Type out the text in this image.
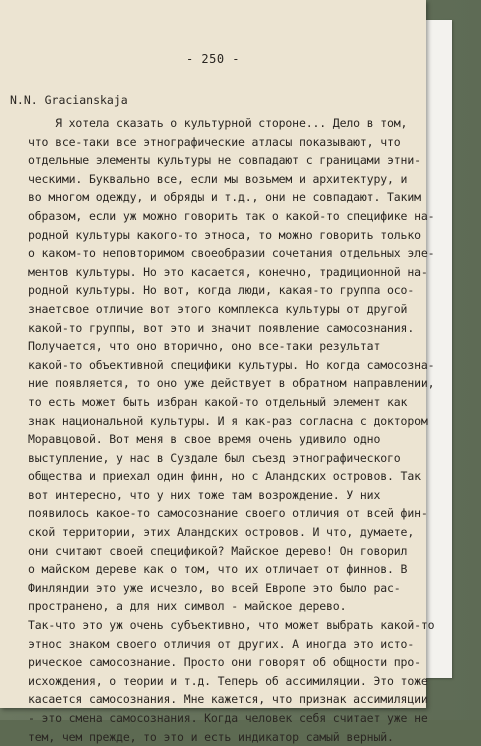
- 250 -
N.N. Gracianskaja
Я хотела сказать о культурной стороне... Дело в том,
что все-таки все этнографические атласы показывают, что
отдельные элементы культуры не совпадают с границами этни-
ческими. Буквально все, если мы возьмем и архитектуру, и
во многом одежду, и обряды и т.д., они не совпадают. Таким
образом, если уж можно говорить так о какой-то специфике на-
родной культуры какого-то этноса, то можно говорить только
о каком-то неповторимом своеобразии сочетания отдельных эле-
ментов культуры. Но это касается, конечно, традиционной на-
родной культуры. Но вот, когда люди, какая-то группа осо-
знаетсвое отличие вот этого комплекса культуры от другой
какой-то группы, вот это и значит появление самосознания.
Получается, что оно вторично, оно все-таки результат
какой-то объективной специфики культуры. Но когда самосозна-
ние появляется, то оно уже действует в обратном направлении,
то есть может быть избран какой-то отдельный элемент как
знак национальной культуры. И я как-раз согласна с доктором
Моравцовой. Вот меня в свое время очень удивило одно
выступление, у нас в Суздале был съезд этнографического
общества и приехал один финн, но с Аландских островов. Так
вот интересно, что у них тоже там возрождение. У них
появилось какое-то самосознание своего отличия от всей фин-
ской территории, этих Аландских островов. И что, думаете,
они считают своей спецификой? Майское дерево! Он говорил
о майском дереве как о том, что их отличает от финнов. В
Финляндии это уже исчезло, во всей Европе это было рас-
пространено, а для них символ - майское дерево.
Так-что это уж очень субъективно, что может выбрать какой-то
этнос знаком своего отличия от других. А иногда это исто-
рическое самосознание. Просто они говорят об общности про-
исхождения, о теории и т.д. Теперь об ассимиляции. Это тоже
касается самосознания. Мне кажется, что признак ассимиляции
- это смена самосознания. Когда человек себя считает уже не
тем, чем прежде, то это и есть индикатор самый верный.
